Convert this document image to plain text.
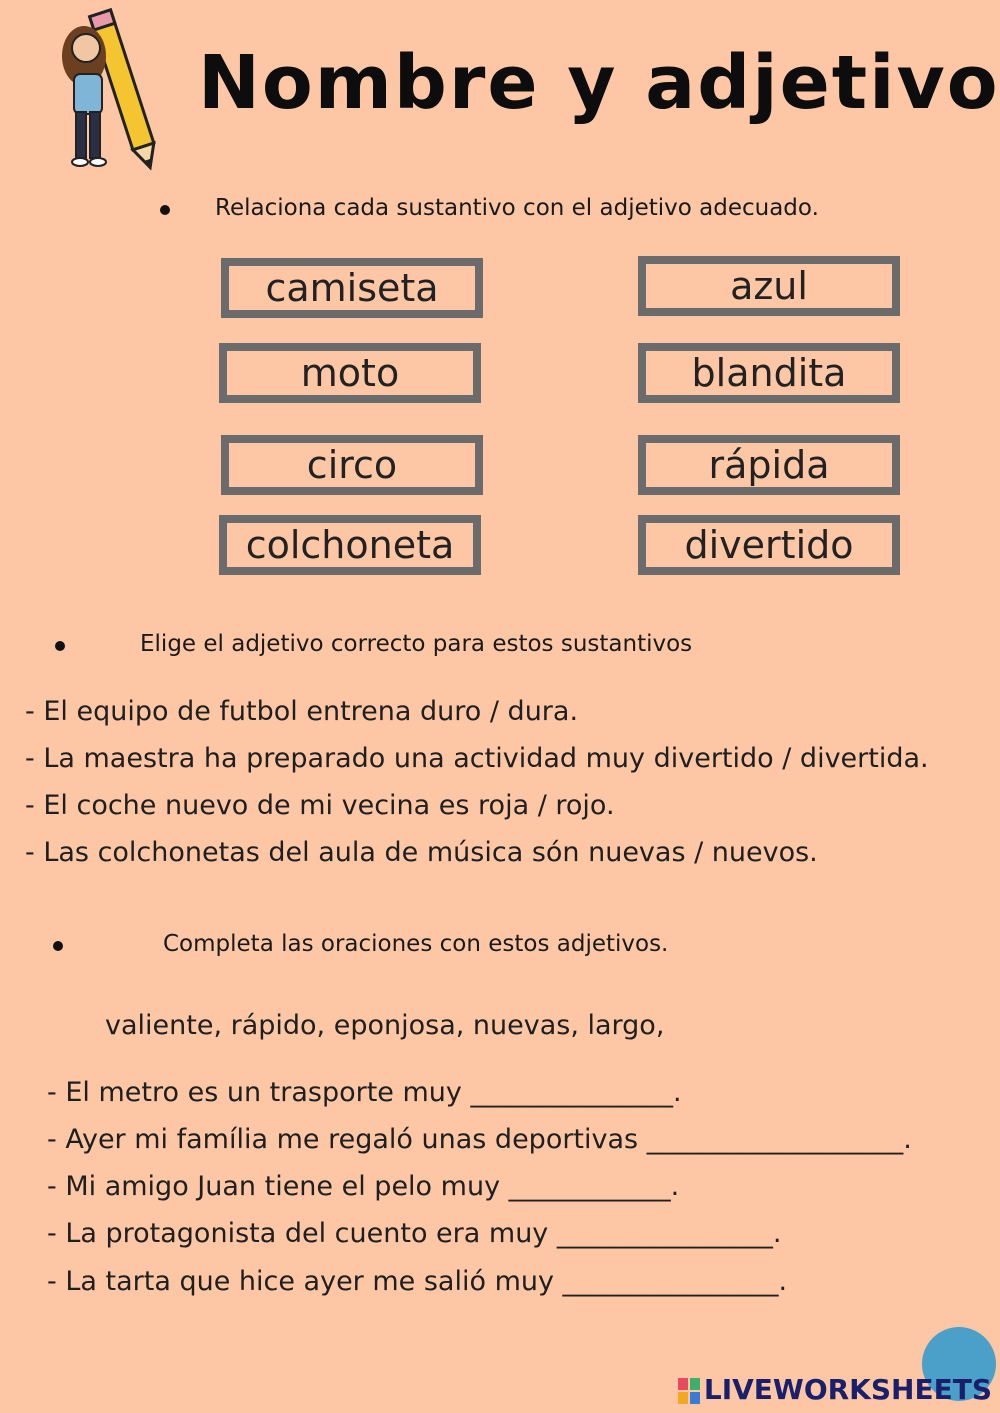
Nombre y adjetivo
Relaciona cada sustantivo con el adjetivo adecuado.
camiseta
moto
circo
colchoneta
azul
blandita
rápida
divertido
Elige el adjetivo correcto para estos sustantivos
- El equipo de futbol entrena duro / dura.
- La maestra ha preparado una actividad muy divertido / divertida.
- El coche nuevo de mi vecina es roja / rojo.
- Las colchonetas del aula de música són nuevas / nuevos.
Completa las oraciones con estos adjetivos.
valiente, rápido, eponjosa, nuevas, largo,
- El metro es un trasporte muy _______________.
- Ayer mi família me regaló unas deportivas ___________________.
- Mi amigo Juan tiene el pelo muy ____________.
- La protagonista del cuento era muy ________________.
- La tarta que hice ayer me salió muy ________________.
LIVEWORKSHEETS
